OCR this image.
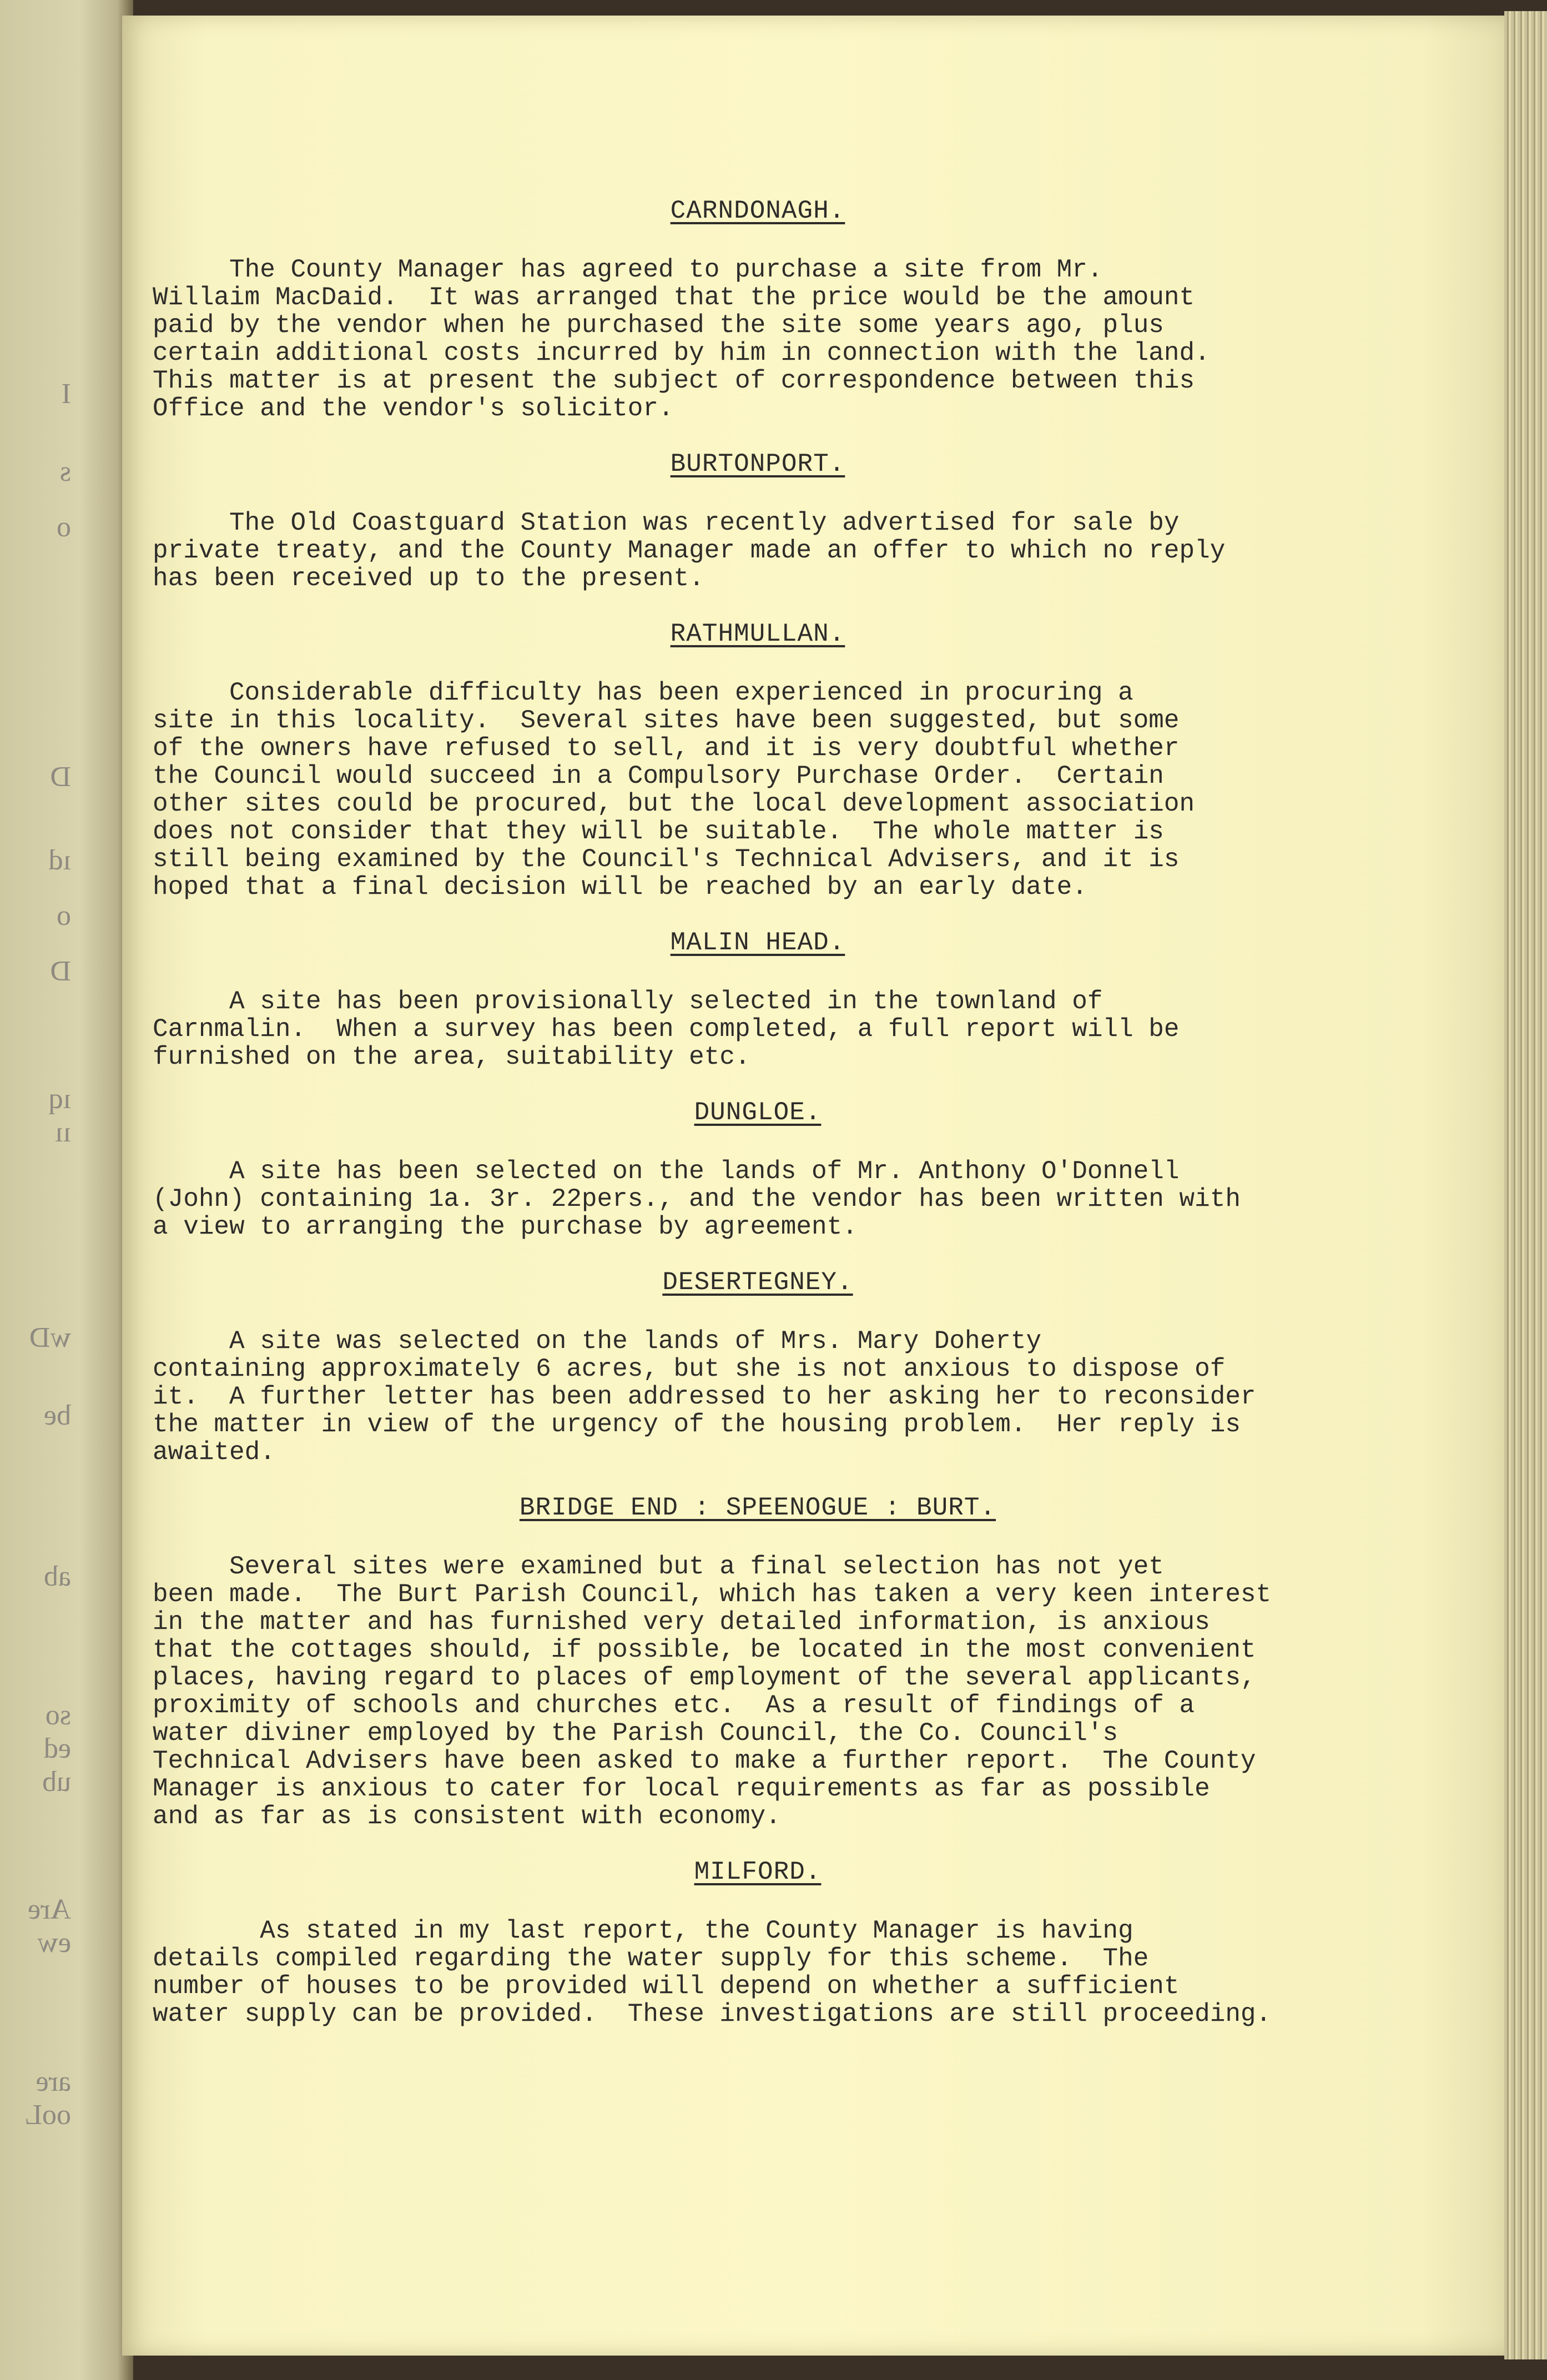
I
s
o
D
ıd
o
D
ıq
ıı
wD
be
ab
so
ed
ub
Are
ew
are
ooL
CARNDONAGH.

The County Manager has agreed to purchase a site from Mr.
Willaim MacDaid.  It was arranged that the price would be the amount
paid by the vendor when he purchased the site some years ago, plus
certain additional costs incurred by him in connection with the land.
This matter is at present the subject of correspondence between this
Office and the vendor's solicitor.

BURTONPORT.

The Old Coastguard Station was recently advertised for sale by
private treaty, and the County Manager made an offer to which no reply
has been received up to the present.

RATHMULLAN.

Considerable difficulty has been experienced in procuring a
site in this locality.  Several sites have been suggested, but some
of the owners have refused to sell, and it is very doubtful whether
the Council would succeed in a Compulsory Purchase Order.  Certain
other sites could be procured, but the local development association
does not consider that they will be suitable.  The whole matter is
still being examined by the Council's Technical Advisers, and it is
hoped that a final decision will be reached by an early date.

MALIN HEAD.

A site has been provisionally selected in the townland of
Carnmalin.  When a survey has been completed, a full report will be
furnished on the area, suitability etc.

DUNGLOE.

A site has been selected on the lands of Mr. Anthony O'Donnell
(John) containing 1a. 3r. 22pers., and the vendor has been written with
a view to arranging the purchase by agreement.

DESERTEGNEY.

A site was selected on the lands of Mrs. Mary Doherty
containing approximately 6 acres, but she is not anxious to dispose of
it.  A further letter has been addressed to her asking her to reconsider
the matter in view of the urgency of the housing problem.  Her reply is
awaited.

BRIDGE END : SPEENOGUE : BURT.

Several sites were examined but a final selection has not yet
been made.  The Burt Parish Council, which has taken a very keen interest
in the matter and has furnished very detailed information, is anxious
that the cottages should, if possible, be located in the most convenient
places, having regard to places of employment of the several applicants,
proximity of schools and churches etc.  As a result of findings of a
water diviner employed by the Parish Council, the Co. Council's
Technical Advisers have been asked to make a further report.  The County
Manager is anxious to cater for local requirements as far as possible
and as far as is consistent with economy.

MILFORD.

As stated in my last report, the County Manager is having
details compiled regarding the water supply for this scheme.  The
number of houses to be provided will depend on whether a sufficient
water supply can be provided.  These investigations are still proceeding.
